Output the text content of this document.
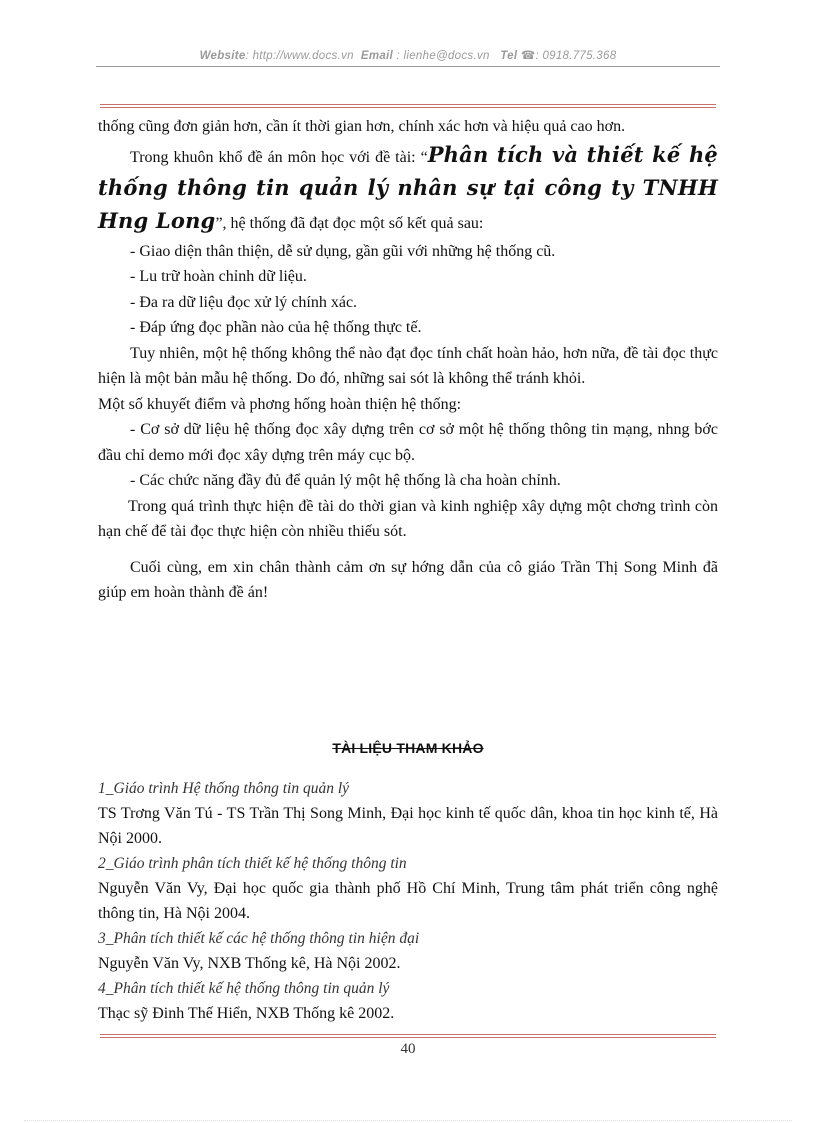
Website: http://www.docs.vn Email : lienhe@docs.vn Tel ☎: 0918.775.368

thống cũng đơn giản hơn, cần ít thời gian hơn, chính xác hơn và hiệu quả cao hơn.

Trong khuôn khổ đề án môn học với đề tài: “Phân tích và thiết kế hệ thống thông tin quản lý nhân sự tại công ty TNHH Hng Long”, hệ thống đã đạt đọc một số kết quả sau:

- Giao diện thân thiện, dễ sử dụng, gần gũi với những hệ thống cũ.

- Lu trữ hoàn chỉnh dữ liệu.

- Đa ra dữ liệu đọc xử lý chính xác.

- Đáp ứng đọc phần nào của hệ thống thực tế.

Tuy nhiên, một hệ thống không thể nào đạt đọc tính chất hoàn hảo, hơn nữa, đề tài đọc thực hiện là một bản mẫu hệ thống. Do đó, những sai sót là không thể tránh khỏi.

Một số khuyết điểm và phơng hống hoàn thiện hệ thống:

- Cơ sở dữ liệu hệ thống đọc xây dựng trên cơ sở một hệ thống thông tin mạng, nhng bớc đầu chỉ demo mới đọc xây dựng trên máy cục bộ.

- Các chức năng đầy đủ để quản lý một hệ thống là cha hoàn chỉnh.

Trong quá trình thực hiện đề tài do thời gian và kinh nghiệp xây dựng một chơng trình còn hạn chế để tài đọc thực hiện còn nhiều thiếu sót.

Cuối cùng, em xin chân thành cảm ơn sự hớng dẫn của cô giáo Trần Thị Song Minh đã giúp em hoàn thành đề án!

TÀI LIỆU THAM KHẢO

1_Giáo trình Hệ thống thông tin quản lý

TS Trơng Văn Tú - TS Trần Thị Song Minh, Đại học kinh tế quốc dân, khoa tin học kinh tế, Hà Nội 2000.

2_Giáo trình phân tích thiết kế hệ thống thông tin

Nguyễn Văn Vy, Đại học quốc gia thành phố Hồ Chí Minh, Trung tâm phát triển công nghệ thông tin, Hà Nội 2004.

3_Phân tích thiết kế các hệ thống thông tin hiện đại

Nguyễn Văn Vy, NXB Thống kê, Hà Nội 2002.

4_Phân tích thiết kế hệ thống thông tin quản lý

Thạc sỹ Đinh Thế Hiển, NXB Thống kê 2002.

40
